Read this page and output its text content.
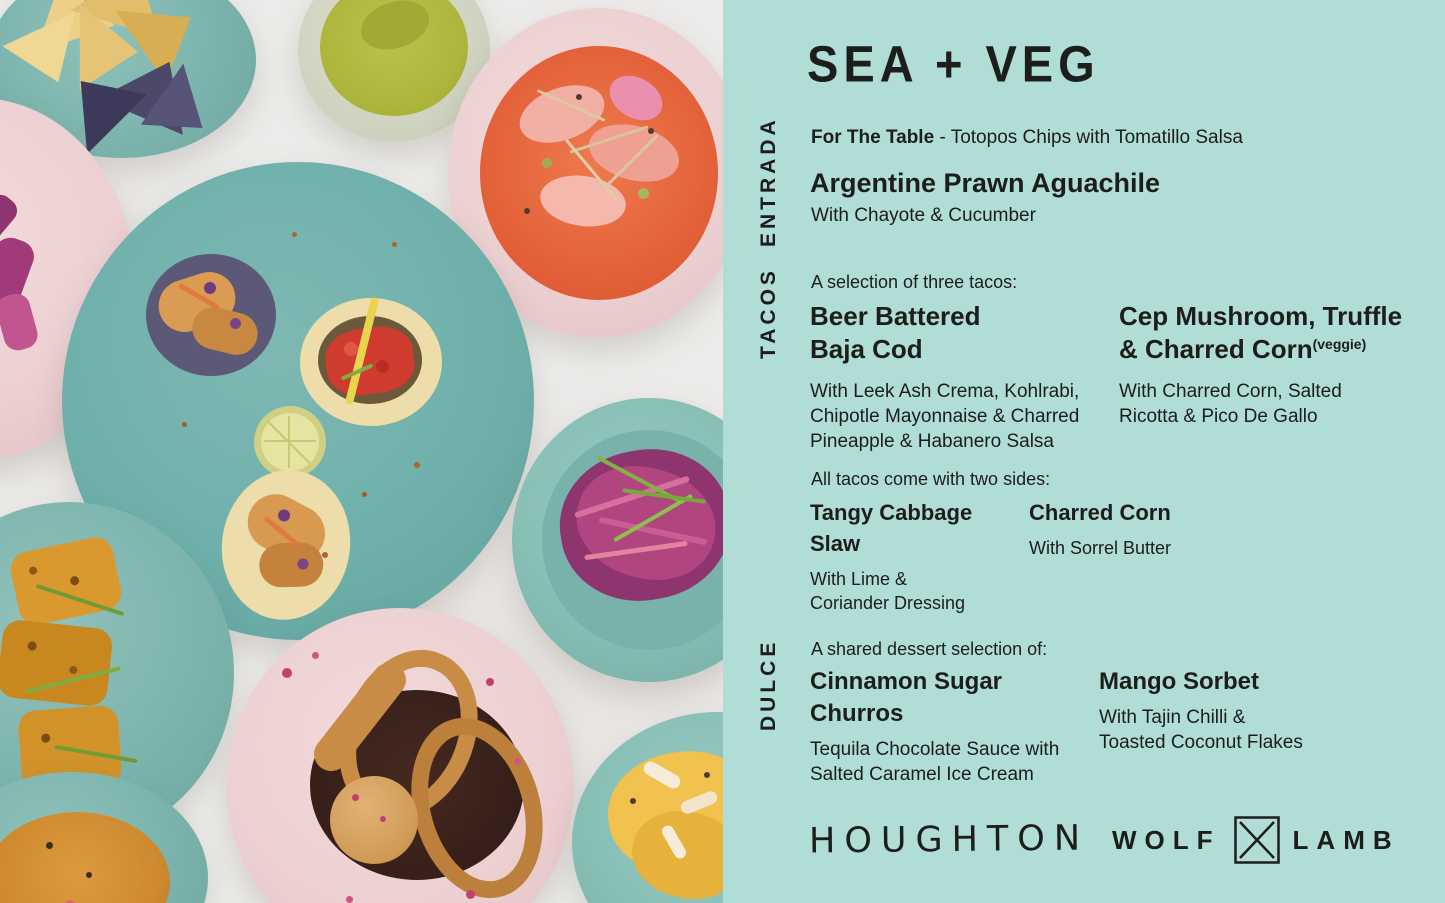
SEA + VEG
ENTRADA
TACOS
DULCE
For The Table - Totopos Chips with Tomatillo Salsa
Argentine Prawn Aguachile
With Chayote & Cucumber
A selection of three tacos:
Beer Battered
Baja Cod
With Leek Ash Crema, Kohlrabi,
Chipotle Mayonnaise & Charred
Pineapple & Habanero Salsa
Cep Mushroom, Truffle
& Charred Corn$^{(veggie)}$
With Charred Corn, Salted
Ricotta & Pico De Gallo
All tacos come with two sides:
Tangy Cabbage
Slaw
With Lime &
Coriander Dressing
Charred Corn
With Sorrel Butter
A shared dessert selection of:
Cinnamon Sugar
Churros
Tequila Chocolate Sauce with
Salted Caramel Ice Cream
Mango Sorbet
With Tajin Chilli &
Toasted Coconut Flakes
HOUGHTON WOLF ☒ LAMB
